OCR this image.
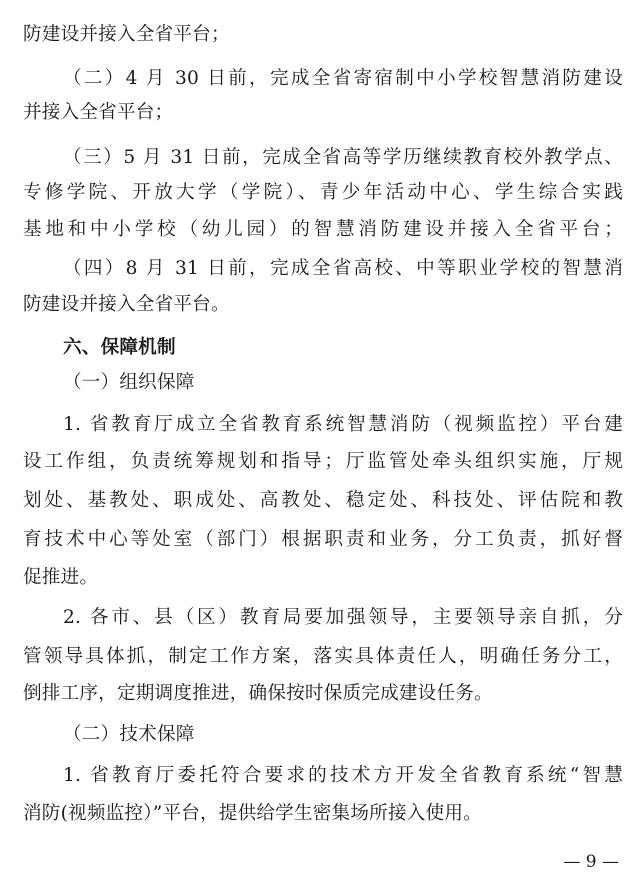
防建设并接入全省平台；
（二）4 月 30 日前，完成全省寄宿制中小学校智慧消防建设
并接入全省平台；
（三）5 月 31 日前，完成全省高等学历继续教育校外教学点、
专修学院、开放大学（学院）、青少年活动中心、学生综合实践
基地和中小学校（幼儿园）的智慧消防建设并接入全省平台；
（四）8 月 31 日前，完成全省高校、中等职业学校的智慧消
防建设并接入全省平台。
六、保障机制
（一）组织保障
1. 省教育厅成立全省教育系统智慧消防（视频监控）平台建
设工作组，负责统筹规划和指导；厅监管处牵头组织实施，厅规
划处、基教处、职成处、高教处、稳定处、科技处、评估院和教
育技术中心等处室（部门）根据职责和业务，分工负责，抓好督
促推进。
2. 各市、县（区）教育局要加强领导，主要领导亲自抓，分
管领导具体抓，制定工作方案，落实具体责任人，明确任务分工，
倒排工序，定期调度推进，确保按时保质完成建设任务。
（二）技术保障
1. 省教育厅委托符合要求的技术方开发全省教育系统“智慧
消防(视频监控）”平台，提供给学生密集场所接入使用。
— 9 —
